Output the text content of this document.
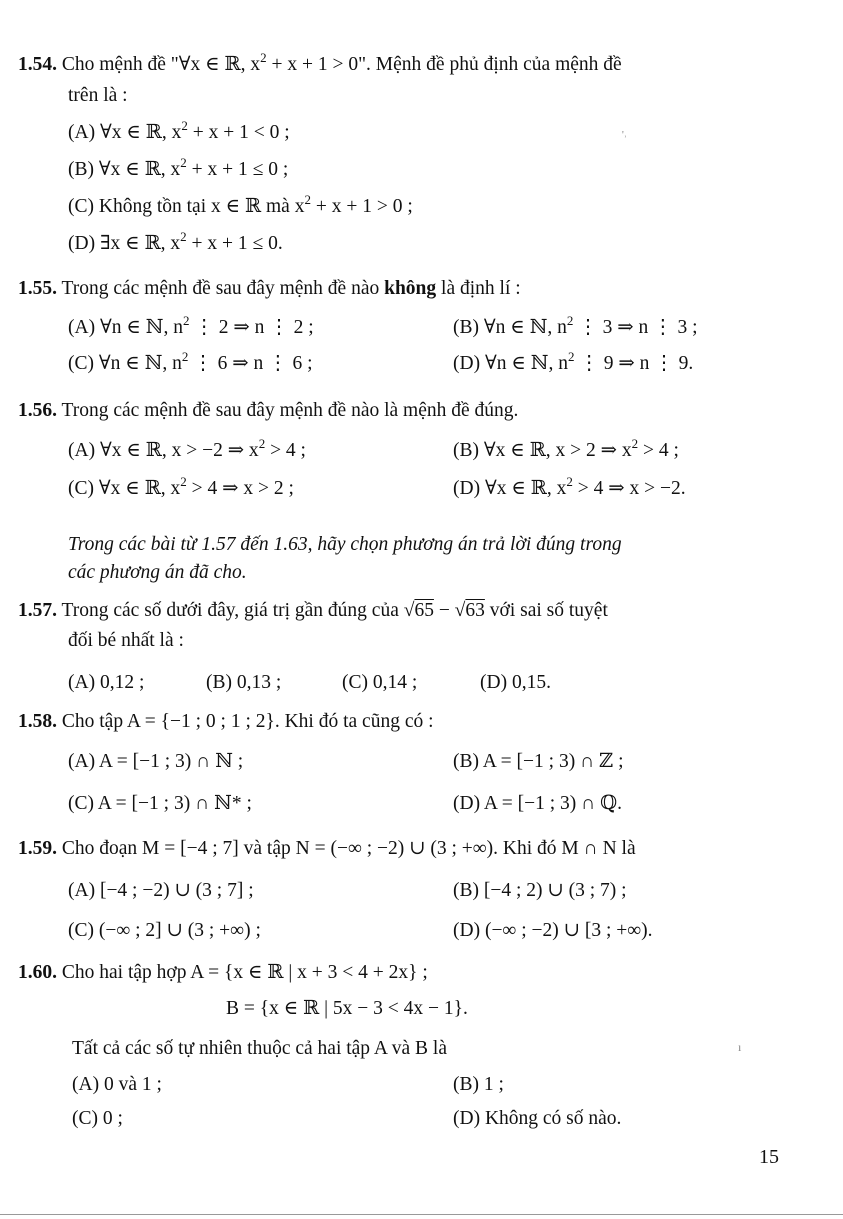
1.54. Cho mệnh đề "∀x ∈ ℝ, $x^2 + x + 1 > 0$". Mệnh đề phủ định của mệnh đề
trên là :
(A) ∀x ∈ ℝ, $x^2 + x + 1 < 0$ ;
(B) ∀x ∈ ℝ, $x^2 + x + 1 \le 0$ ;
(C) Không tồn tại x ∈ ℝ mà $x^2 + x + 1 > 0$ ;
(D) ∃x ∈ ℝ, $x^2 + x + 1 \le 0$.
1.55. Trong các mệnh đề sau đây mệnh đề nào không là định lí :
(A) ∀n ∈ ℕ, $n^2$ ⋮ 2 ⇒ n ⋮ 2 ;	(B) ∀n ∈ ℕ, $n^2$ ⋮ 3 ⇒ n ⋮ 3 ;
(C) ∀n ∈ ℕ, $n^2$ ⋮ 6 ⇒ n ⋮ 6 ;	(D) ∀n ∈ ℕ, $n^2$ ⋮ 9 ⇒ n ⋮ 9.
1.56. Trong các mệnh đề sau đây mệnh đề nào là mệnh đề đúng.
(A) ∀x ∈ ℝ, x > −2 ⇒ $x^2 > 4$ ;	(B) ∀x ∈ ℝ, x > 2 ⇒ $x^2 > 4$ ;
(C) ∀x ∈ ℝ, $x^2 > 4$ ⇒ x > 2 ;	(D) ∀x ∈ ℝ, $x^2 > 4$ ⇒ x > −2.
Trong các bài từ 1.57 đến 1.63, hãy chọn phương án trả lời đúng trong
các phương án đã cho.
1.57. Trong các số dưới đây, giá trị gần đúng của √65 − √63 với sai số tuyệt
đối bé nhất là :
(A) 0,12 ;	(B) 0,13 ;	(C) 0,14 ;	(D) 0,15.
1.58. Cho tập A = {−1 ; 0 ; 1 ; 2}. Khi đó ta cũng có :
(A) A = [−1 ; 3) ∩ ℕ ;	(B) A = [−1 ; 3) ∩ ℤ ;
(C) A = [−1 ; 3) ∩ ℕ* ;	(D) A = [−1 ; 3) ∩ ℚ.
1.59. Cho đoạn M = [−4 ; 7] và tập N = (−∞ ; −2) ∪ (3 ; +∞). Khi đó M ∩ N là
(A) [−4 ; −2) ∪ (3 ; 7] ;	(B) [−4 ; 2) ∪ (3 ; 7) ;
(C) (−∞ ; 2] ∪ (3 ; +∞) ;	(D) (−∞ ; −2) ∪ [3 ; +∞).
1.60. Cho hai tập hợp A = {x ∈ ℝ | x + 3 < 4 + 2x} ;
B = {x ∈ ℝ | 5x − 3 < 4x − 1}.
Tất cả các số tự nhiên thuộc cả hai tập A và B là
(A) 0 và 1 ;	(B) 1 ;
(C) 0 ;	(D) Không có số nào.
15
'˒
ı
